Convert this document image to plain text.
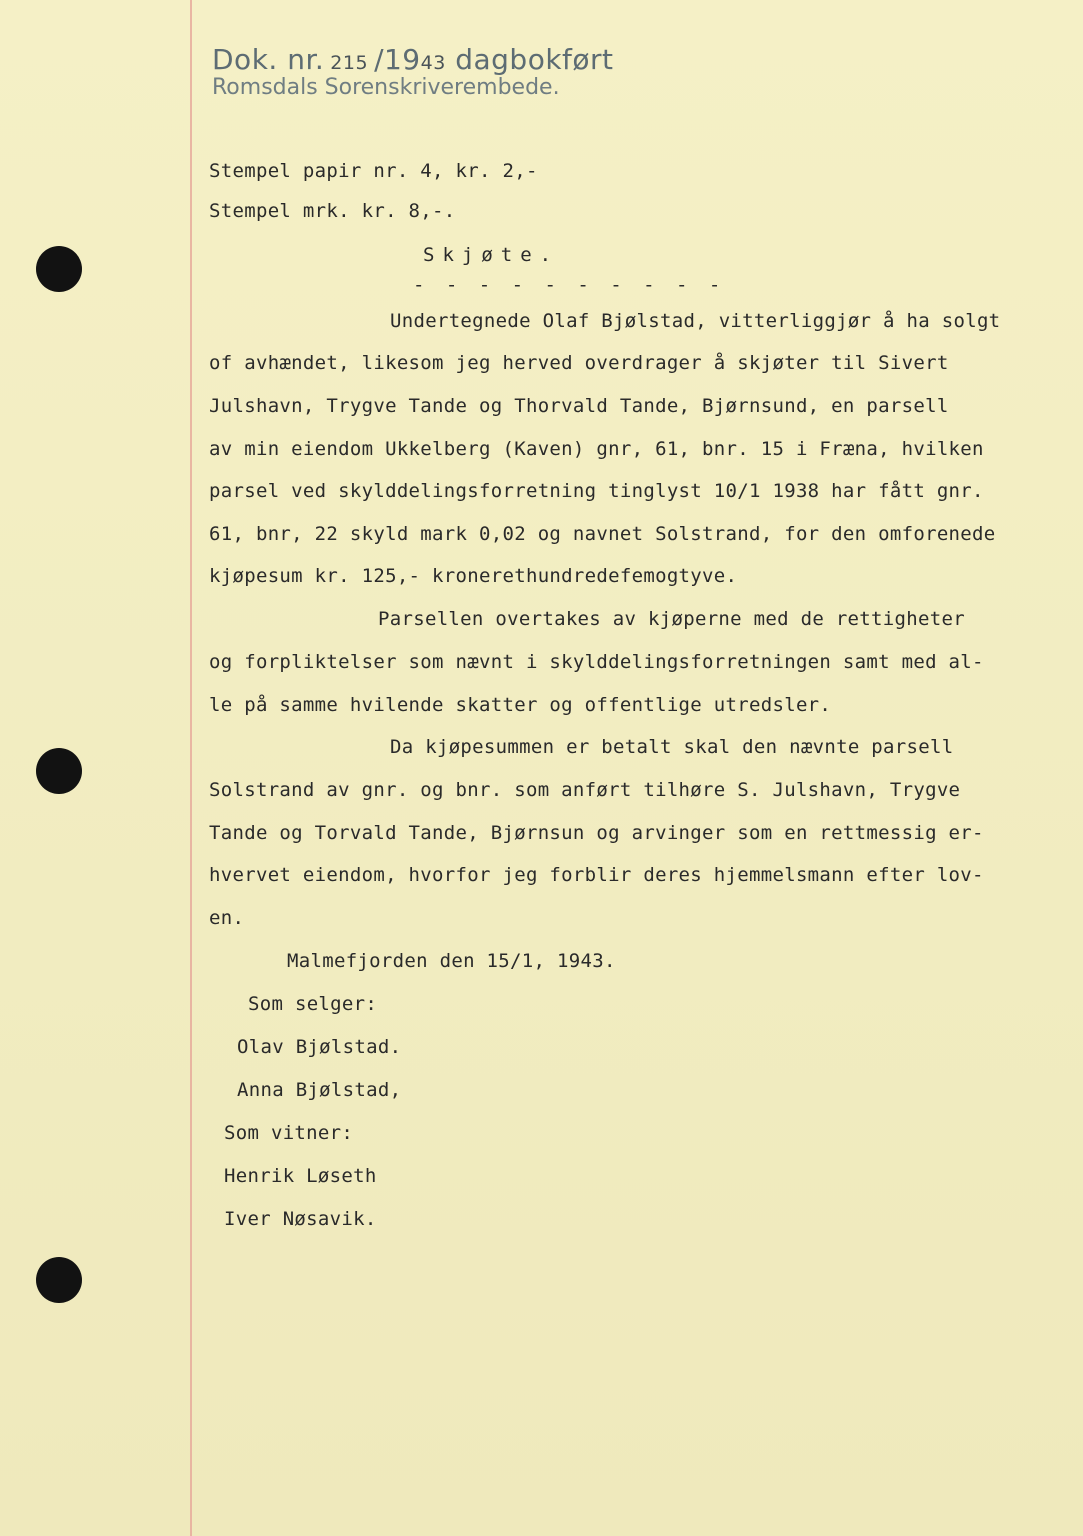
Dok. nr. 215 /1943 dagbokført
Romsdals Sorenskriverembede.
Stempel papir nr. 4, kr. 2,-
Stempel mrk. kr. 8,-.
Skjøte.
- - - - - - - - - -
Undertegnede Olaf Bjølstad, vitterliggjør å ha solgt
of avhændet, likesom jeg herved overdrager å skjøter til Sivert
Julshavn, Trygve Tande og Thorvald Tande, Bjørnsund, en parsell
av min eiendom Ukkelberg (Kaven) gnr, 61, bnr. 15 i Fræna, hvilken
parsel ved skylddelingsforretning tinglyst 10/1 1938 har fått gnr.
61, bnr, 22 skyld mark 0,02 og navnet Solstrand, for den omforenede
kjøpesum kr. 125,- kronerethundredefemogtyve.
Parsellen overtakes av kjøperne med de rettigheter
og forpliktelser som nævnt i skylddelingsforretningen samt med al-
le på samme hvilende skatter og offentlige utredsler.
Da kjøpesummen er betalt skal den nævnte parsell
Solstrand av gnr. og bnr. som anført tilhøre S. Julshavn, Trygve
Tande og Torvald Tande, Bjørnsun og arvinger som en rettmessig er-
hvervet eiendom, hvorfor jeg forblir deres hjemmelsmann efter lov-
en.
Malmefjorden den 15/1, 1943.
Som selger:
Olav Bjølstad.
Anna Bjølstad,
Som vitner:
Henrik Løseth
Iver Nøsavik.
